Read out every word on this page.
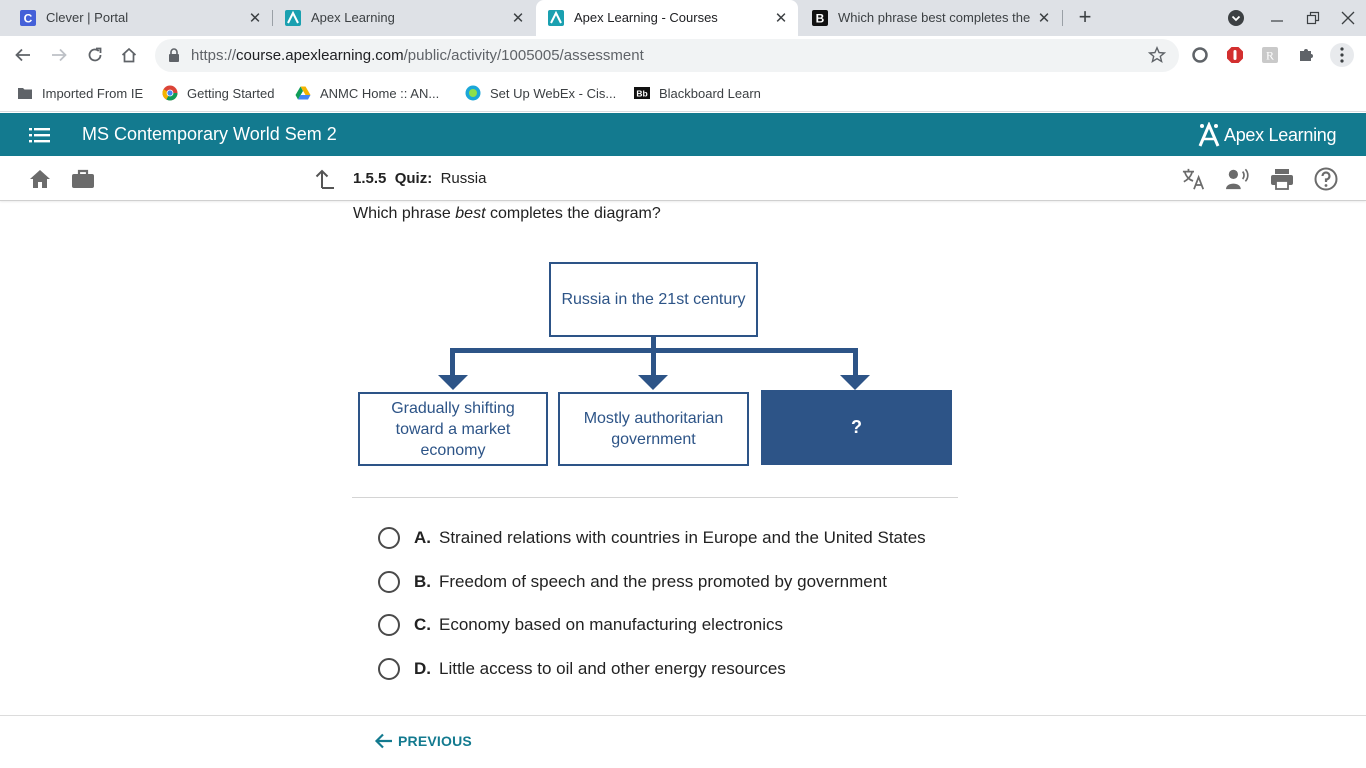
C Clever | Portal	✕	Apex Learning	✕	Apex Learning - Courses	✕ B Which phrase best completes the ✕ +
https://course.apexlearning.com/public/activity/1005005/assessment	R
Imported From IE	Getting Started	ANMC Home :: AN...	Set Up WebEx - Cis... Bb Blackboard Learn
MS Contemporary World Sem 2	Apex Learning
1.5.5 Quiz: Russia
Which phrase best completes the diagram?
Russia in the 21st century
Gradually shifting toward a market economy
Mostly authoritarian government
?
A. Strained relations with countries in Europe and the United States
B. Freedom of speech and the press promoted by government
C. Economy based on manufacturing electronics
D. Little access to oil and other energy resources
PREVIOUS
